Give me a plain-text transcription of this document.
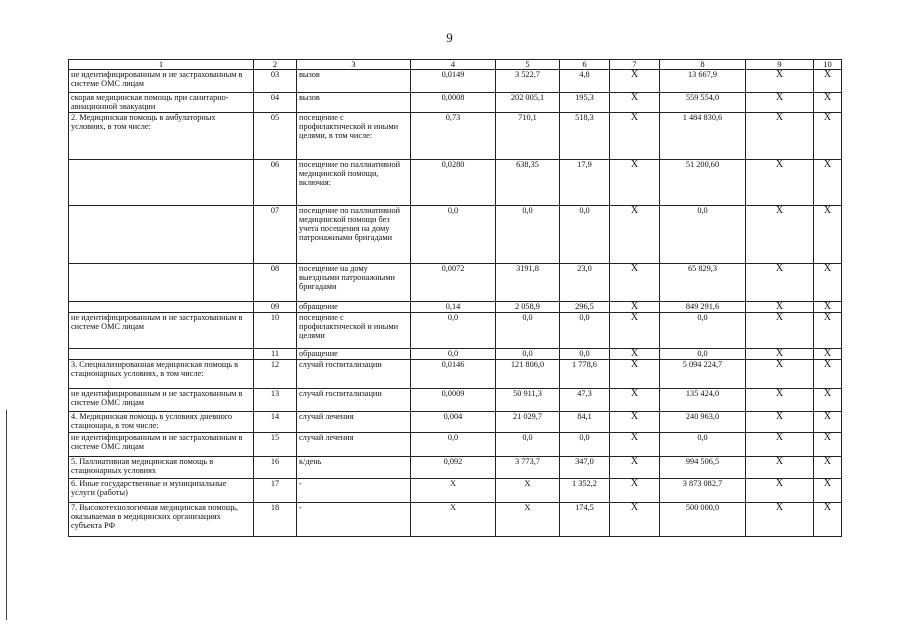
9
1	2	3	4	5	6	7	8	9	10
не идентифицированным и не застрахованным в системе ОМС лицам	03	вызов	0,0149	3 522,7	4,8	X	13 667,9	X	X
скорая медицинская помощь при санитарно-авиационной эвакуации	04	вызов	0,0008	202 005,1	195,3	X	559 554,0	X	X
2. Медицинская помощь в амбулаторных условиях, в том числе:	05	посещение с профилактической и иными целями, в том числе:	0,73	710,1	518,3	X	1 484 830,6	X	X
	06	посещение по паллиативной медицинской помощи, включая:	0,0280	638,35	17,9	X	51 200,60	X	X
	07	посещение по паллиативной медицинской помощи без учета посещения на дому патронажными бригадами	0,0	0,0	0,0	X	0,0	X	X
	08	посещение на дому выездными патронажными бригадами	0,0072	3191,8	23,0	X	65 829,3	X	X
	09	обращение	0,14	2 058,9	296,5	X	849 291,6	X	X
не идентифицированным и не застрахованным в системе ОМС лицам	10	посещение с профилактической и иными целями	0,0	0,0	0,0	X	0,0	X	X
	11	обращение	0,0	0,0	0,0	X	0,0	X	X
3. Специализированная медицинская помощь в стационарных условиях, в том числе:	12	случай госпитализации	0,0146	121 806,0	1 778,6	X	5 094 224,7	X	X
не идентифицированным и не застрахованным в системе ОМС лицам	13	случай госпитализации	0,0009	50 911,3	47,3	X	135 424,0	X	X
4. Медицинская помощь в условиях дневного стационара, в том числе:	14	случай лечения	0,004	21 029,7	84,1	X	240 963,0	X	X
не идентифицированным и не застрахованным в системе ОМС лицам	15	случай лечения	0,0	0,0	0,0	X	0,0	X	X
5. Паллиативная медицинская помощь в стационарных условиях	16	к/день	0,092	3 773,7	347,0	X	994 506,5	X	X
6. Иные государственные и муниципальные услуги (работы)	17	-	X	X	1 352,2	X	3 873 082,7	X	X
7. Высокотехнологичная медицинская помощь, оказываемая в медицинских организациях субъекта РФ	18	-	X	X	174,5	X	500 000,0	X	X
